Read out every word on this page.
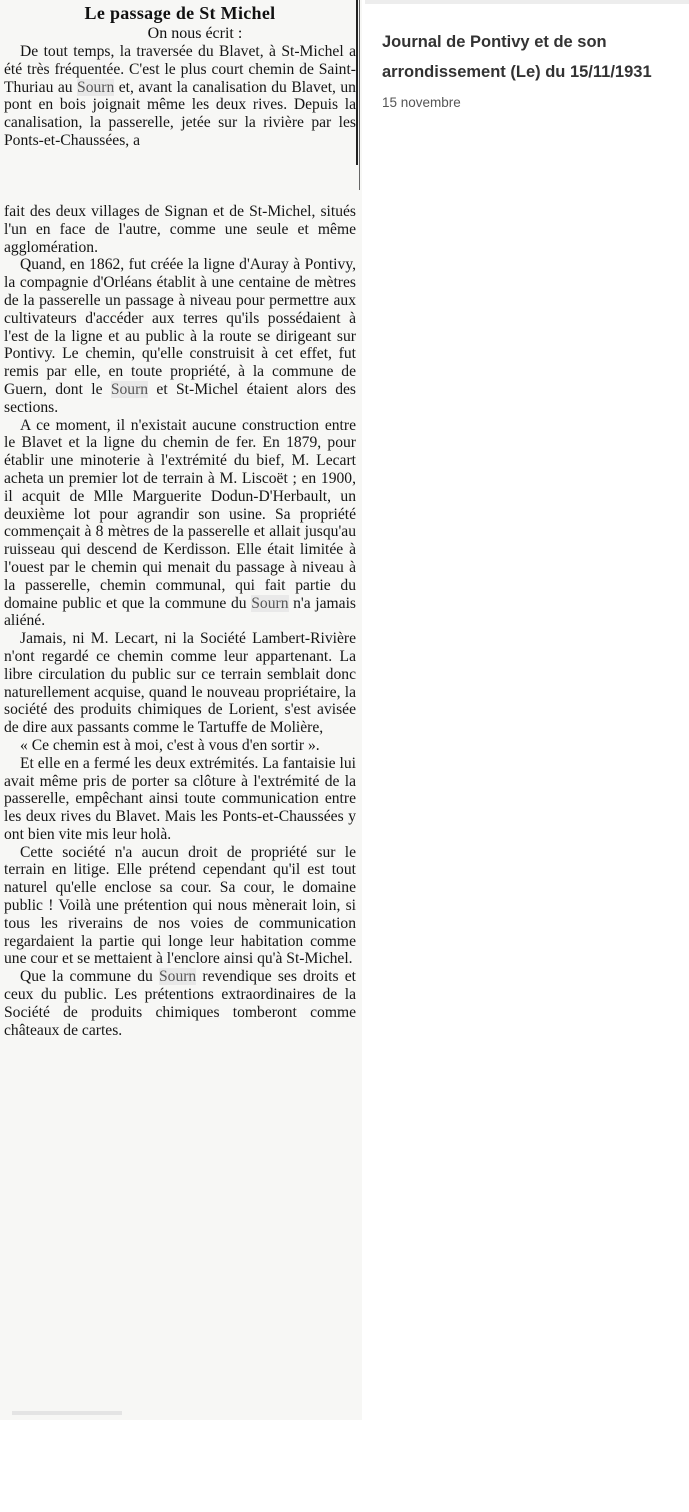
Le passage de St Michel
On nous écrit :

De tout temps, la traversée du Blavet, à St-Michel a été très fréquentée. C'est le plus court chemin de Saint-Thuriau au Sourn et, avant la canalisation du Blavet, un pont en bois joignait même les deux rives. Depuis la canalisation, la passerelle, jetée sur la rivière par les Ponts-et-Chaussées, a

fait des deux villages de Signan et de St-Michel, situés l'un en face de l'autre, comme une seule et même agglomération.

Quand, en 1862, fut créée la ligne d'Auray à Pontivy, la compagnie d'Orléans établit à une centaine de mètres de la passerelle un passage à niveau pour permettre aux cultivateurs d'accéder aux terres qu'ils possédaient à l'est de la ligne et au public à la route se dirigeant sur Pontivy. Le chemin, qu'elle construisit à cet effet, fut remis par elle, en toute propriété, à la commune de Guern, dont le Sourn et St-Michel étaient alors des sections.

A ce moment, il n'existait aucune construction entre le Blavet et la ligne du chemin de fer. En 1879, pour établir une minoterie à l'extrémité du bief, M. Lecart acheta un premier lot de terrain à M. Liscoët ; en 1900, il acquit de Mlle Marguerite Dodun-D'Herbault, un deuxième lot pour agrandir son usine. Sa propriété commençait à 8 mètres de la passerelle et allait jusqu'au ruisseau qui descend de Kerdisson. Elle était limitée à l'ouest par le chemin qui menait du passage à niveau à la passerelle, chemin communal, qui fait partie du domaine public et que la commune du Sourn n'a jamais aliéné.

Jamais, ni M. Lecart, ni la Société Lambert-Rivière n'ont regardé ce chemin comme leur appartenant. La libre circulation du public sur ce terrain semblait donc naturellement acquise, quand le nouveau propriétaire, la société des produits chimiques de Lorient, s'est avisée de dire aux passants comme le Tartuffe de Molière,

« Ce chemin est à moi, c'est à vous d'en sortir ».

Et elle en a fermé les deux extrémités. La fantaisie lui avait même pris de porter sa clôture à l'extrémité de la passerelle, empêchant ainsi toute communication entre les deux rives du Blavet. Mais les Ponts-et-Chaussées y ont bien vite mis leur holà.

Cette société n'a aucun droit de propriété sur le terrain en litige. Elle prétend cependant qu'il est tout naturel qu'elle enclose sa cour. Sa cour, le domaine public ! Voilà une prétention qui nous mènerait loin, si tous les riverains de nos voies de communication regardaient la partie qui longe leur habitation comme une cour et se mettaient à l'enclore ainsi qu'à St-Michel.

Que la commune du Sourn revendique ses droits et ceux du public. Les prétentions extraordinaires de la Société de produits chimiques tomberont comme châteaux de cartes.

Journal de Pontivy et de son arrondissement (Le) du 15/11/1931
15 novembre
